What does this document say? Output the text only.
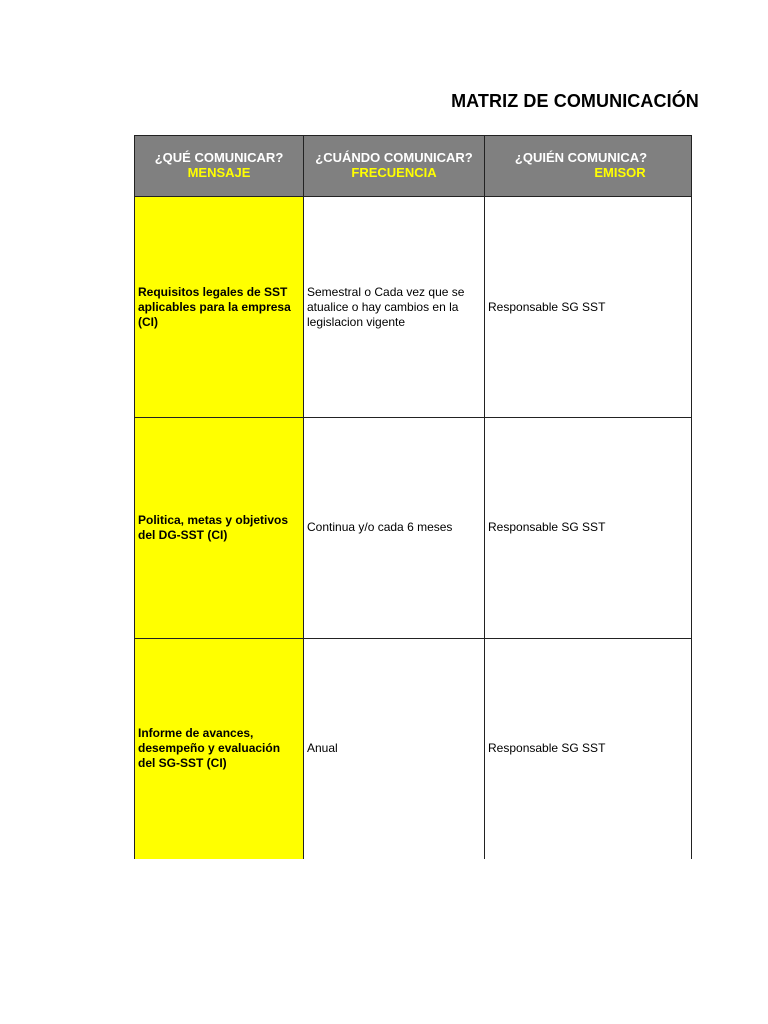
MATRIZ DE COMUNICACIÓN
¿QUÉ COMUNICAR?
MENSAJE
¿CUÁNDO COMUNICAR?
FRECUENCIA
¿QUIÉN COMUNICA?
EMISOR
Requisitos legales de SST aplicables para la empresa (CI)
Semestral o Cada vez que se atualice o hay cambios en la legislacion vigente
Responsable SG SST
Politica, metas y objetivos del DG-SST (CI)
Continua y/o cada 6 meses	Responsable SG SST
Informe de avances, desempeño y evaluación del SG-SST (CI)
Anual	Responsable SG SST
